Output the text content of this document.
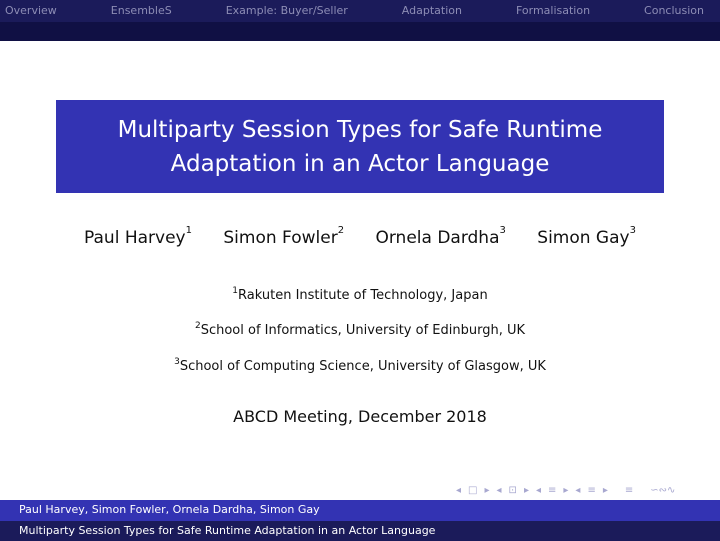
Overview	EnsembleS	Example: Buyer/Seller	Adaptation	Formalisation	Conclusion
Multiparty Session Types for Safe Runtime
Adaptation in an Actor Language
Paul Harvey$^1$ Simon Fowler$^2$ Ornela Dardha$^3$ Simon Gay$^3$
$^1$Rakuten Institute of Technology, Japan
$^2$School of Informatics, University of Edinburgh, UK
$^3$School of Computing Science, University of Glasgow, UK
ABCD Meeting, December 2018
◂ □ ▸ ◂ ⊡ ▸ ◂ ≡ ▸ ◂ ≡ ▸ ≡ ∽∾∿
Paul Harvey, Simon Fowler, Ornela Dardha, Simon Gay
Multiparty Session Types for Safe Runtime Adaptation in an Actor Language
